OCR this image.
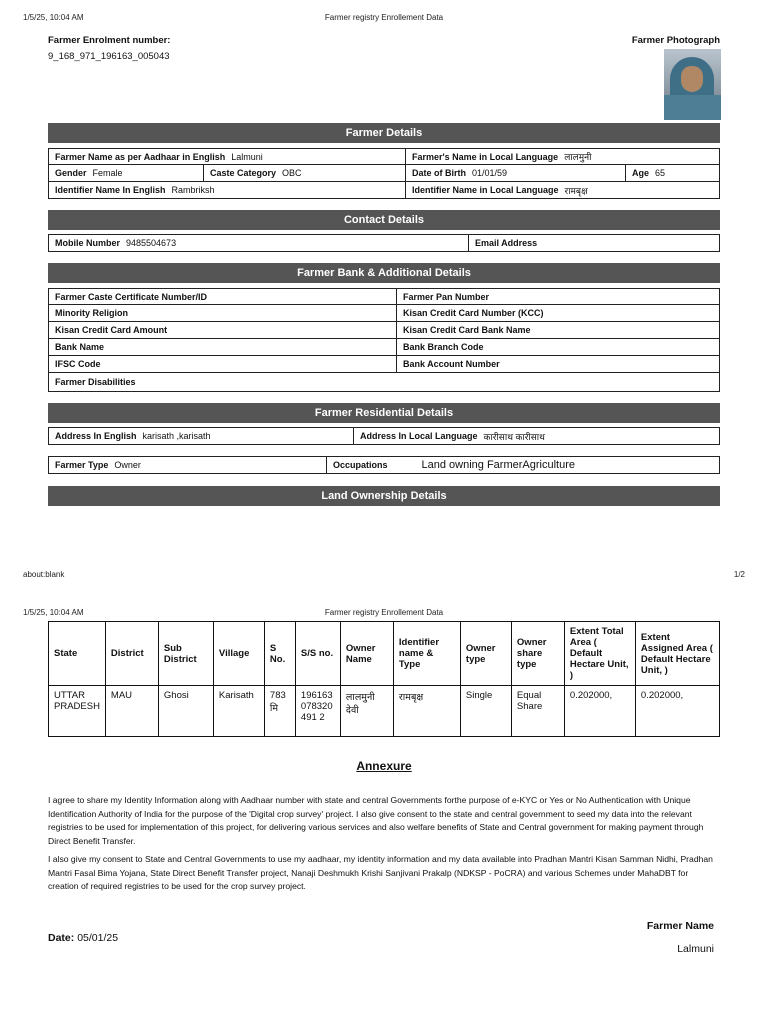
1/5/25, 10:04 AM	Farmer registry Enrollement Data
Farmer Enrolment number:
9_168_971_196163_005043
Farmer Photograph
Farmer Details
Farmer Name as per Aadhaar in English Lalmuni	Farmer's Name in Local Language लालमुनी
Gender Female	Caste Category OBC	Date of Birth 01/01/59	Age 65
Identifier Name In English Rambriksh	Identifier Name in Local Language रामबृक्ष
Contact Details
Mobile Number 9485504673	Email Address
Farmer Bank & Additional Details
Farmer Caste Certificate Number/ID	Farmer Pan Number
Minority Religion	Kisan Credit Card Number (KCC)
Kisan Credit Card Amount	Kisan Credit Card Bank Name
Bank Name	Bank Branch Code
IFSC Code	Bank Account Number
Farmer Disabilities
Farmer Residential Details
Address In English karisath ,karisath	Address In Local Language कारीसाथ कारीसाथ
Farmer Type Owner	Occupations	Land owning FarmerAgriculture
Land Ownership Details
about:blank	1/2
1/5/25, 10:04 AM	Farmer registry Enrollement Data
State	District	Sub District	Village	S No.	S/S no.	Owner Name	Identifier name & Type	Owner type	Owner share type	Extent Total Area ( Default Hectare Unit, )	Extent Assigned Area ( Default Hectare Unit, )
UTTAR PRADESH	MAU	Ghosi	Karisath	783मि	196163078320491 2	लालमुनी देवी	रामबृक्ष	Single	Equal Share	0.202000,	0.202000,
Annexure
I agree to share my Identity Information along with Aadhaar number with state and central Governments forthe purpose of e-KYC or Yes or No Authentication with Unique Identification Authority of India for the purpose of the 'Digital crop survey' project. I also give consent to the state and central government to seed my data into the relevant registries to be used for implementation of this project, for delivering various services and also welfare benefits of State and Central government for making payment through Direct Benefit Transfer.
I also give my consent to State and Central Governments to use my aadhaar, my identity information and my data available into Pradhan Mantri Kisan Samman Nidhi, Pradhan Mantri Fasal Bima Yojana, State Direct Benefit Transfer project, Nanaji Deshmukh Krishi Sanjivani Prakalp (NDKSP - PoCRA) and various Schemes under MahaDBT for creation of required registries to be used for the crop survey project.
Date: 05/01/25
Farmer Name
Lalmuni
